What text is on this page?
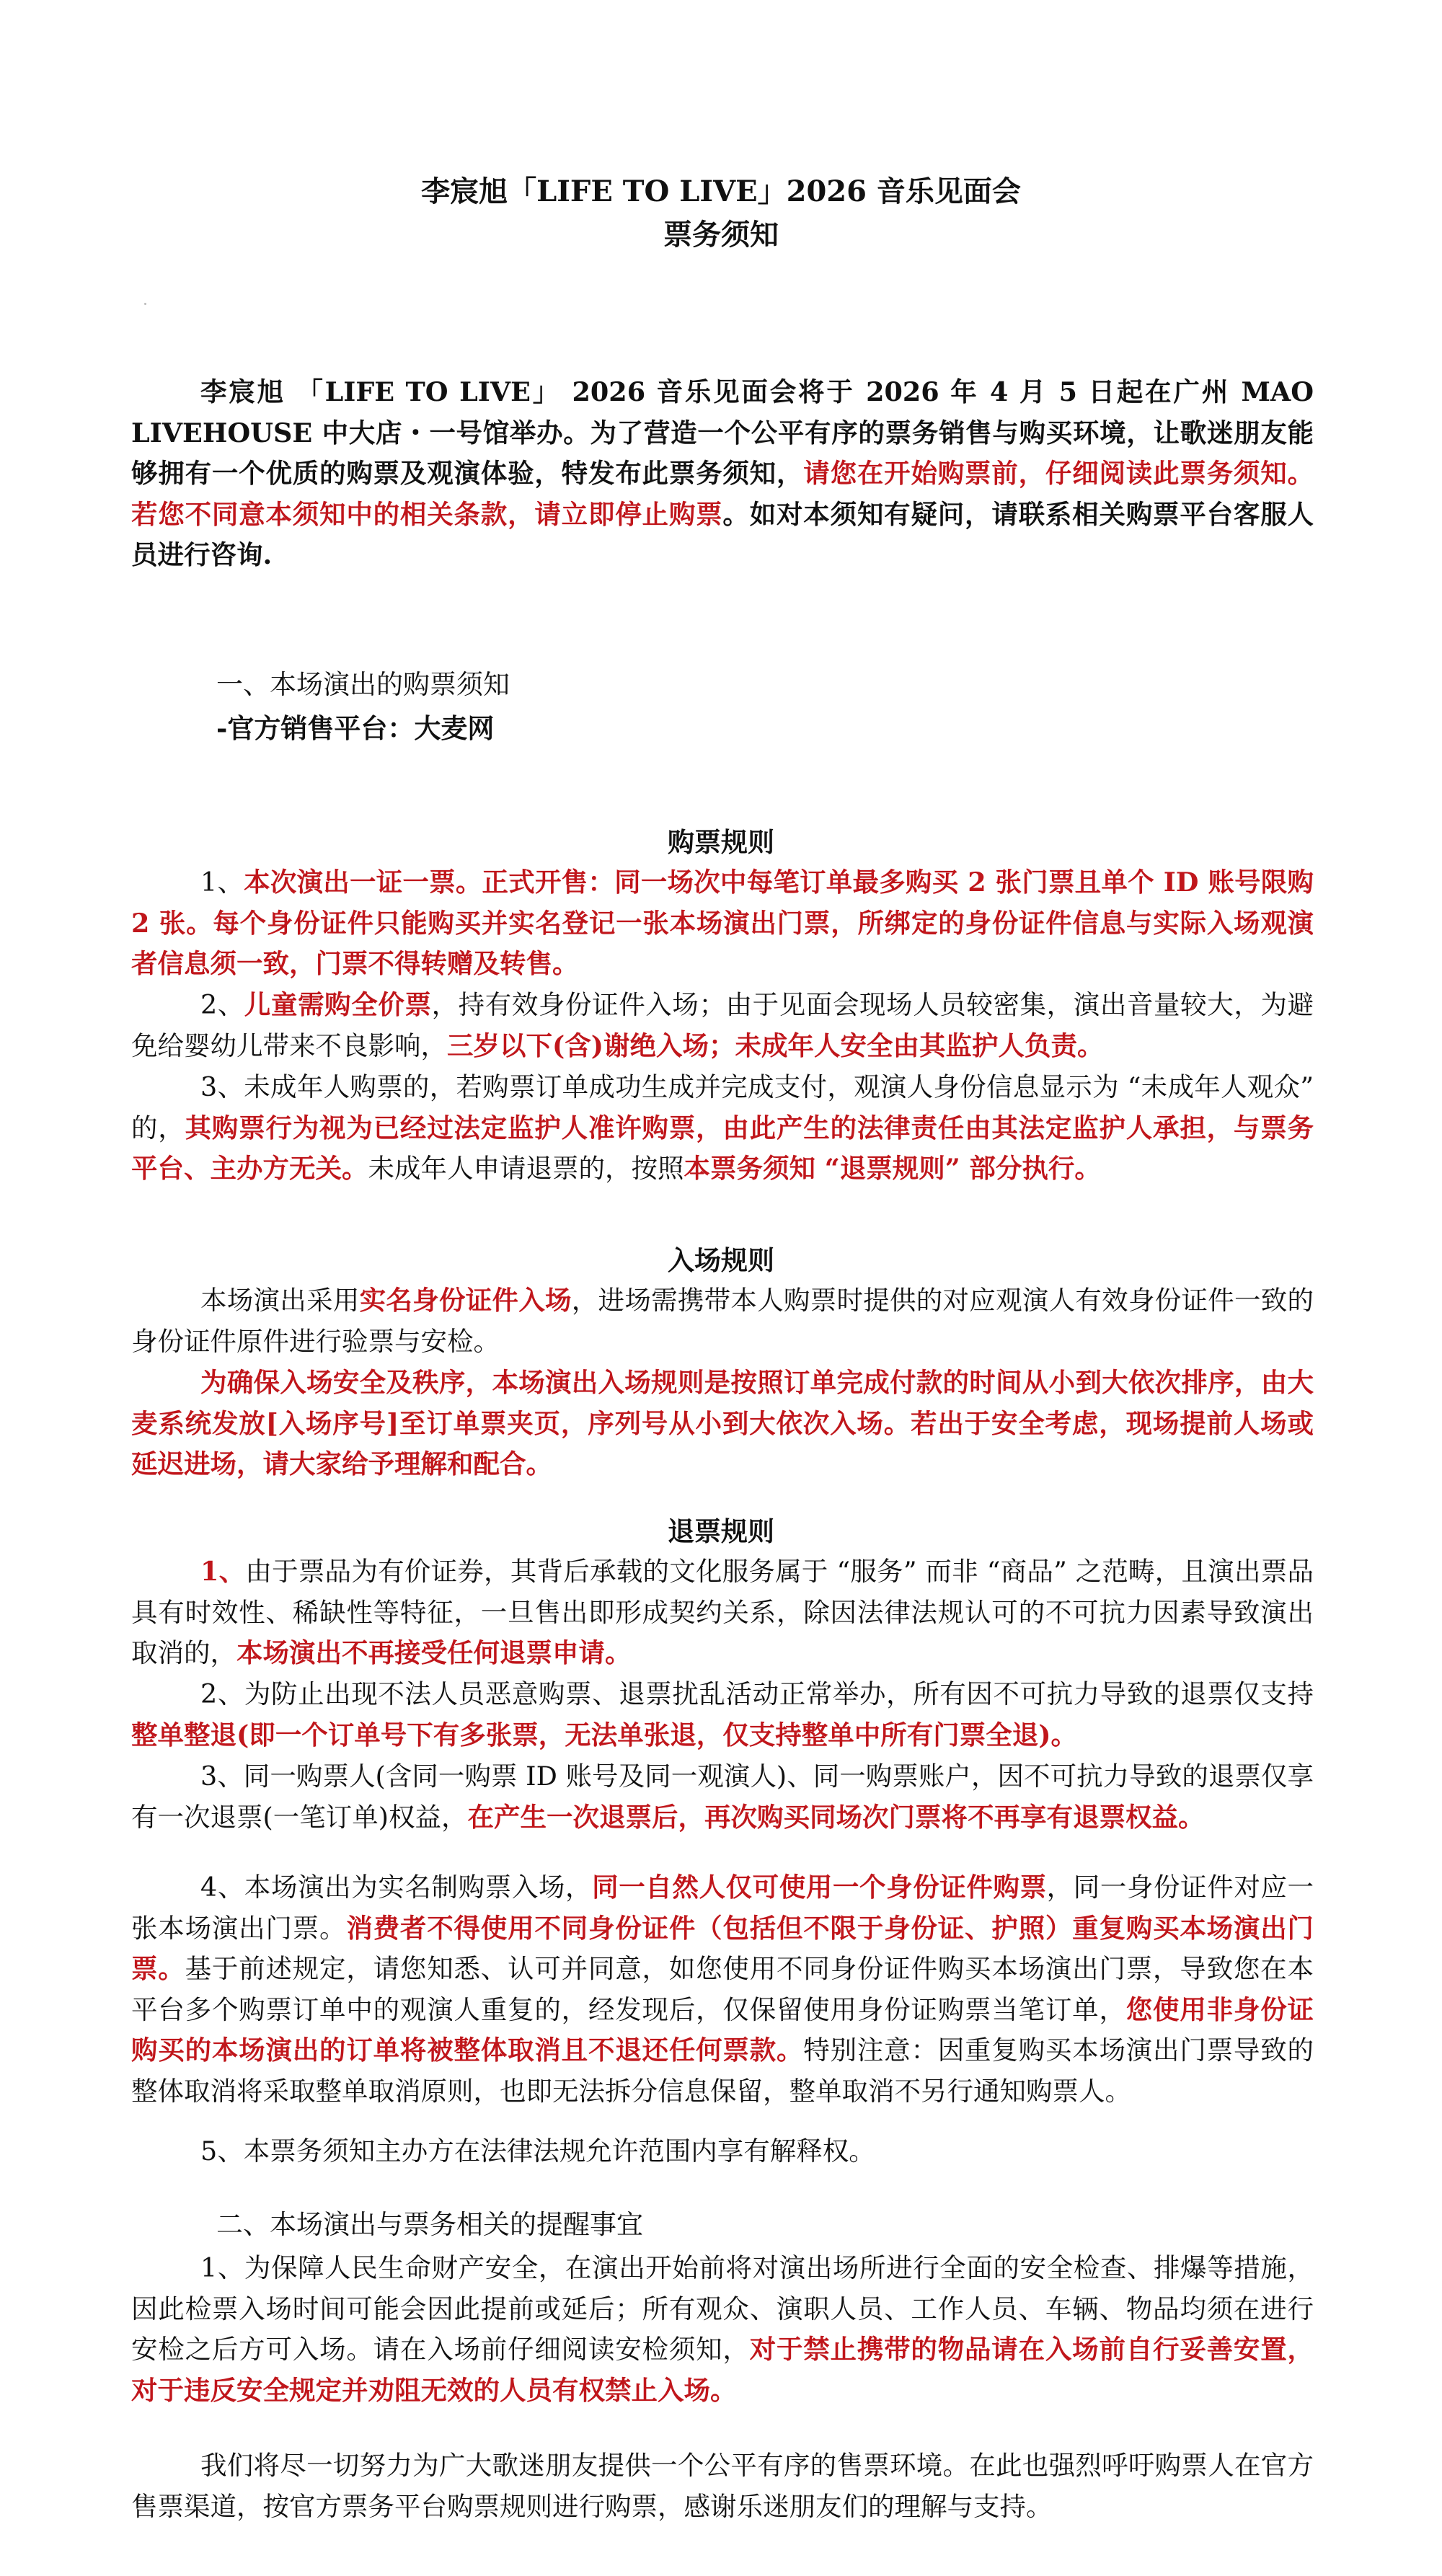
李宸旭「LIFE TO LIVE」2026 音乐见面会
票务须知
李宸旭 「LIFE TO LIVE」 2026 音乐见面会将于 2026 年 4 月 5 日起在广州 MAO LIVEHOUSE 中大店・一号馆举办。为了营造一个公平有序的票务销售与购买环境，让歌迷朋友能够拥有一个优质的购票及观演体验，特发布此票务须知，请您在开始购票前，仔细阅读此票务须知。若您不同意本须知中的相关条款，请立即停止购票。如对本须知有疑问，请联系相关购票平台客服人员进行咨询.
一、本场演出的购票须知
-官方销售平台：大麦网
购票规则
1、本次演出一证一票。正式开售：同一场次中每笔订单最多购买 2 张门票且单个 ID 账号限购 2 张。每个身份证件只能购买并实名登记一张本场演出门票，所绑定的身份证件信息与实际入场观演者信息须一致，门票不得转赠及转售。
2、儿童需购全价票，持有效身份证件入场；由于见面会现场人员较密集，演出音量较大，为避免给婴幼儿带来不良影响，三岁以下(含)谢绝入场；未成年人安全由其监护人负责。
3、未成年人购票的，若购票订单成功生成并完成支付，观演人身份信息显示为 “未成年人观众” 的，其购票行为视为已经过法定监护人准许购票，由此产生的法律责任由其法定监护人承担，与票务平台、主办方无关。未成年人申请退票的，按照本票务须知 “退票规则” 部分执行。
入场规则
本场演出采用实名身份证件入场，进场需携带本人购票时提供的对应观演人有效身份证件一致的身份证件原件进行验票与安检。
为确保入场安全及秩序，本场演出入场规则是按照订单完成付款的时间从小到大依次排序，由大麦系统发放[入场序号]至订单票夹页，序列号从小到大依次入场。若出于安全考虑，现场提前人场或延迟进场，请大家给予理解和配合。
退票规则
1、由于票品为有价证券，其背后承载的文化服务属于 “服务” 而非 “商品” 之范畴，且演出票品具有时效性、稀缺性等特征，一旦售出即形成契约关系，除因法律法规认可的不可抗力因素导致演出取消的，本场演出不再接受任何退票申请。
2、为防止出现不法人员恶意购票、退票扰乱活动正常举办，所有因不可抗力导致的退票仅支持整单整退(即一个订单号下有多张票，无法单张退，仅支持整单中所有门票全退)。
3、同一购票人(含同一购票 ID 账号及同一观演人)、同一购票账户，因不可抗力导致的退票仅享有一次退票(一笔订单)权益，在产生一次退票后，再次购买同场次门票将不再享有退票权益。
4、本场演出为实名制购票入场，同一自然人仅可使用一个身份证件购票，同一身份证件对应一张本场演出门票。消费者不得使用不同身份证件（包括但不限于身份证、护照）重复购买本场演出门票。基于前述规定，请您知悉、认可并同意，如您使用不同身份证件购买本场演出门票，导致您在本平台多个购票订单中的观演人重复的，经发现后，仅保留使用身份证购票当笔订单，您使用非身份证购买的本场演出的订单将被整体取消且不退还任何票款。特别注意：因重复购买本场演出门票导致的整体取消将采取整单取消原则，也即无法拆分信息保留，整单取消不另行通知购票人。
5、本票务须知主办方在法律法规允许范围内享有解释权。
二、本场演出与票务相关的提醒事宜
1、为保障人民生命财产安全，在演出开始前将对演出场所进行全面的安全检查、排爆等措施，因此检票入场时间可能会因此提前或延后；所有观众、演职人员、工作人员、车辆、物品均须在进行安检之后方可入场。请在入场前仔细阅读安检须知，对于禁止携带的物品请在入场前自行妥善安置，对于违反安全规定并劝阻无效的人员有权禁止入场。
我们将尽一切努力为广大歌迷朋友提供一个公平有序的售票环境。在此也强烈呼吁购票人在官方售票渠道，按官方票务平台购票规则进行购票，感谢乐迷朋友们的理解与支持。
